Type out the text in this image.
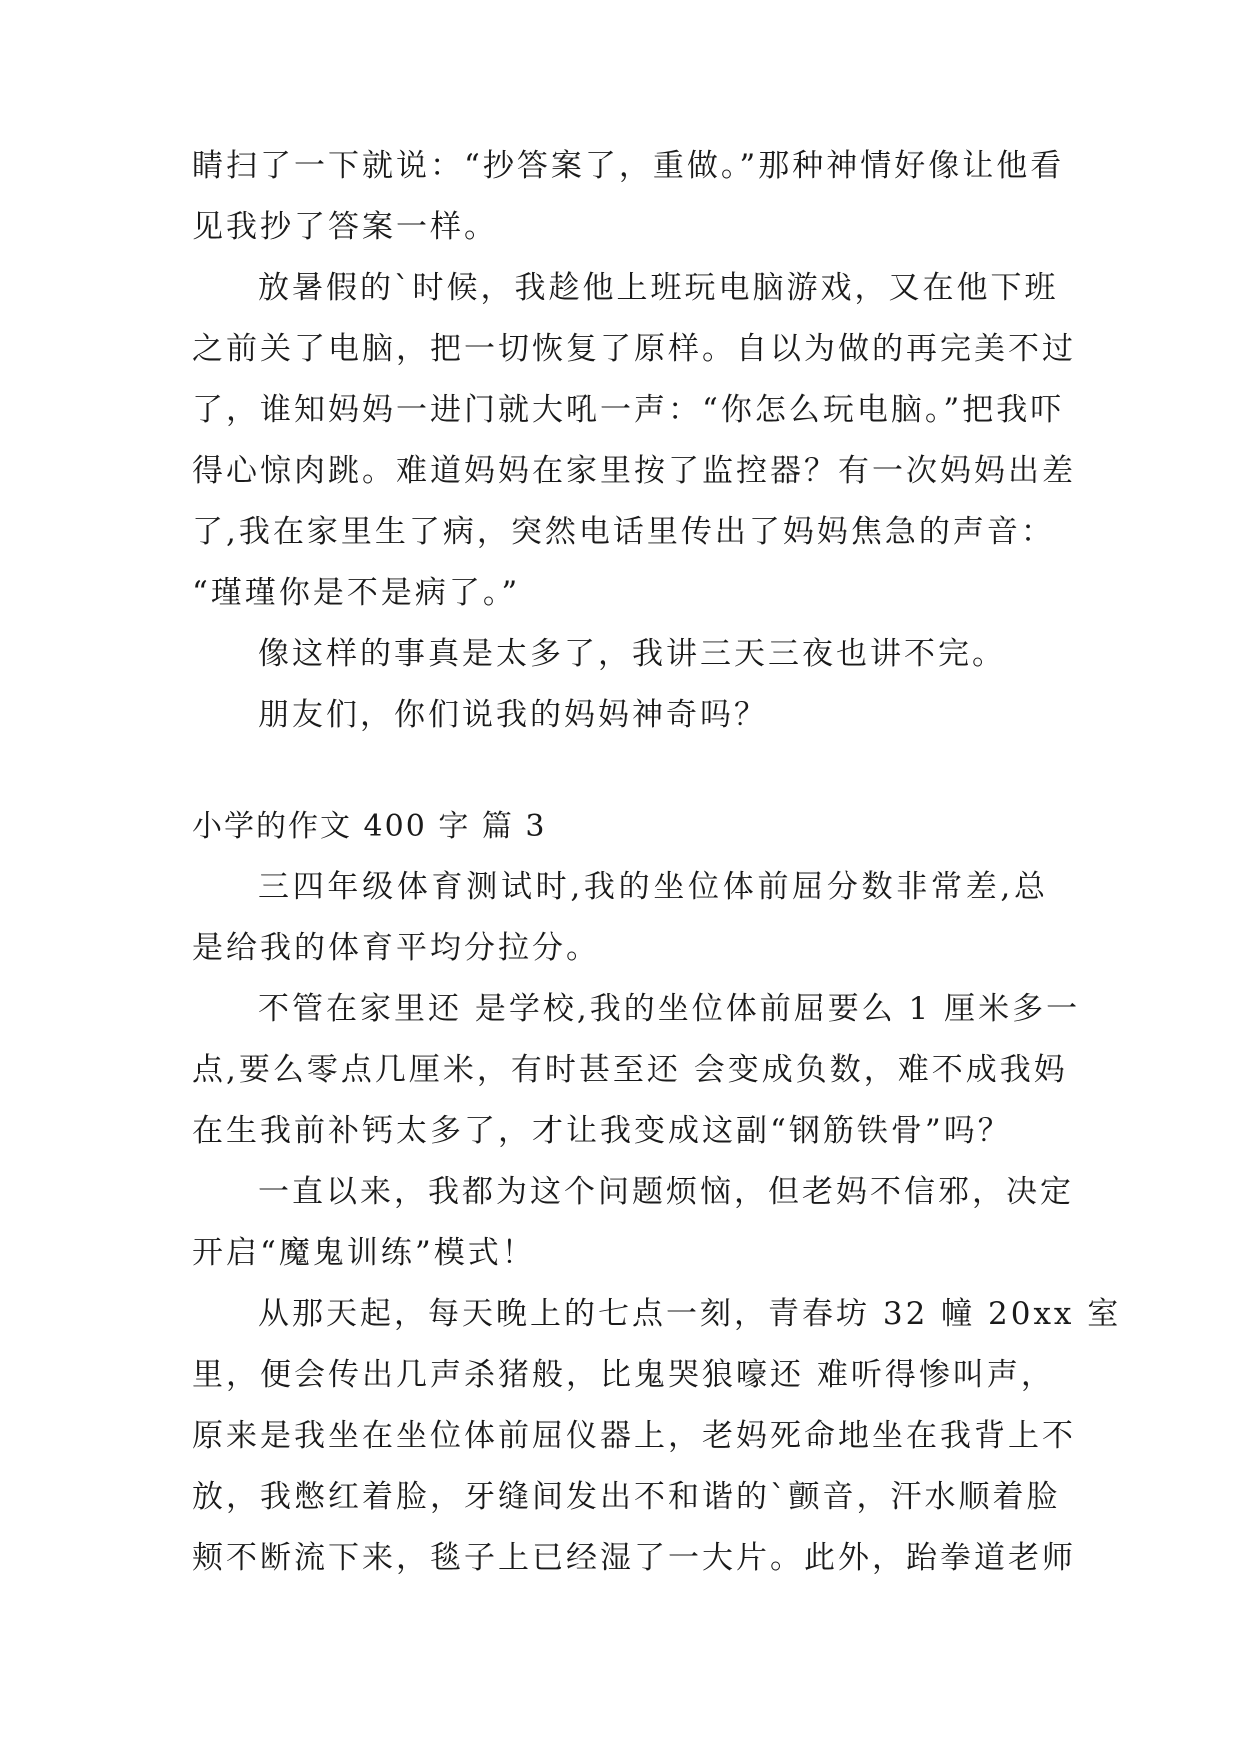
睛扫了一下就说：“抄答案了，重做。”那种神情好像让他看
见我抄了答案一样。
放暑假的`时候，我趁他上班玩电脑游戏，又在他下班
之前关了电脑，把一切恢复了原样。自以为做的再完美不过
了，谁知妈妈一进门就大吼一声：“你怎么玩电脑。”把我吓
得心惊肉跳。难道妈妈在家里按了监控器？有一次妈妈出差
了,我在家里生了病，突然电话里传出了妈妈焦急的声音：
“瑾瑾你是不是病了。”
像这样的事真是太多了，我讲三天三夜也讲不完。
朋友们，你们说我的妈妈神奇吗？
小学的作文 400 字 篇 3
三四年级体育测试时,我的坐位体前屈分数非常差,总
是给我的体育平均分拉分。
不管在家里还 是学校,我的坐位体前屈要么 1 厘米多一
点,要么零点几厘米，有时甚至还 会变成负数，难不成我妈
在生我前补钙太多了，才让我变成这副“钢筋铁骨”吗？
一直以来，我都为这个问题烦恼，但老妈不信邪，决定
开启“魔鬼训练”模式！
从那天起，每天晚上的七点一刻，青春坊 32 幢 20xx 室
里，便会传出几声杀猪般，比鬼哭狼嚎还 难听得惨叫声，
原来是我坐在坐位体前屈仪器上，老妈死命地坐在我背上不
放，我憋红着脸，牙缝间发出不和谐的`颤音，汗水顺着脸
颊不断流下来，毯子上已经湿了一大片。此外，跆拳道老师
